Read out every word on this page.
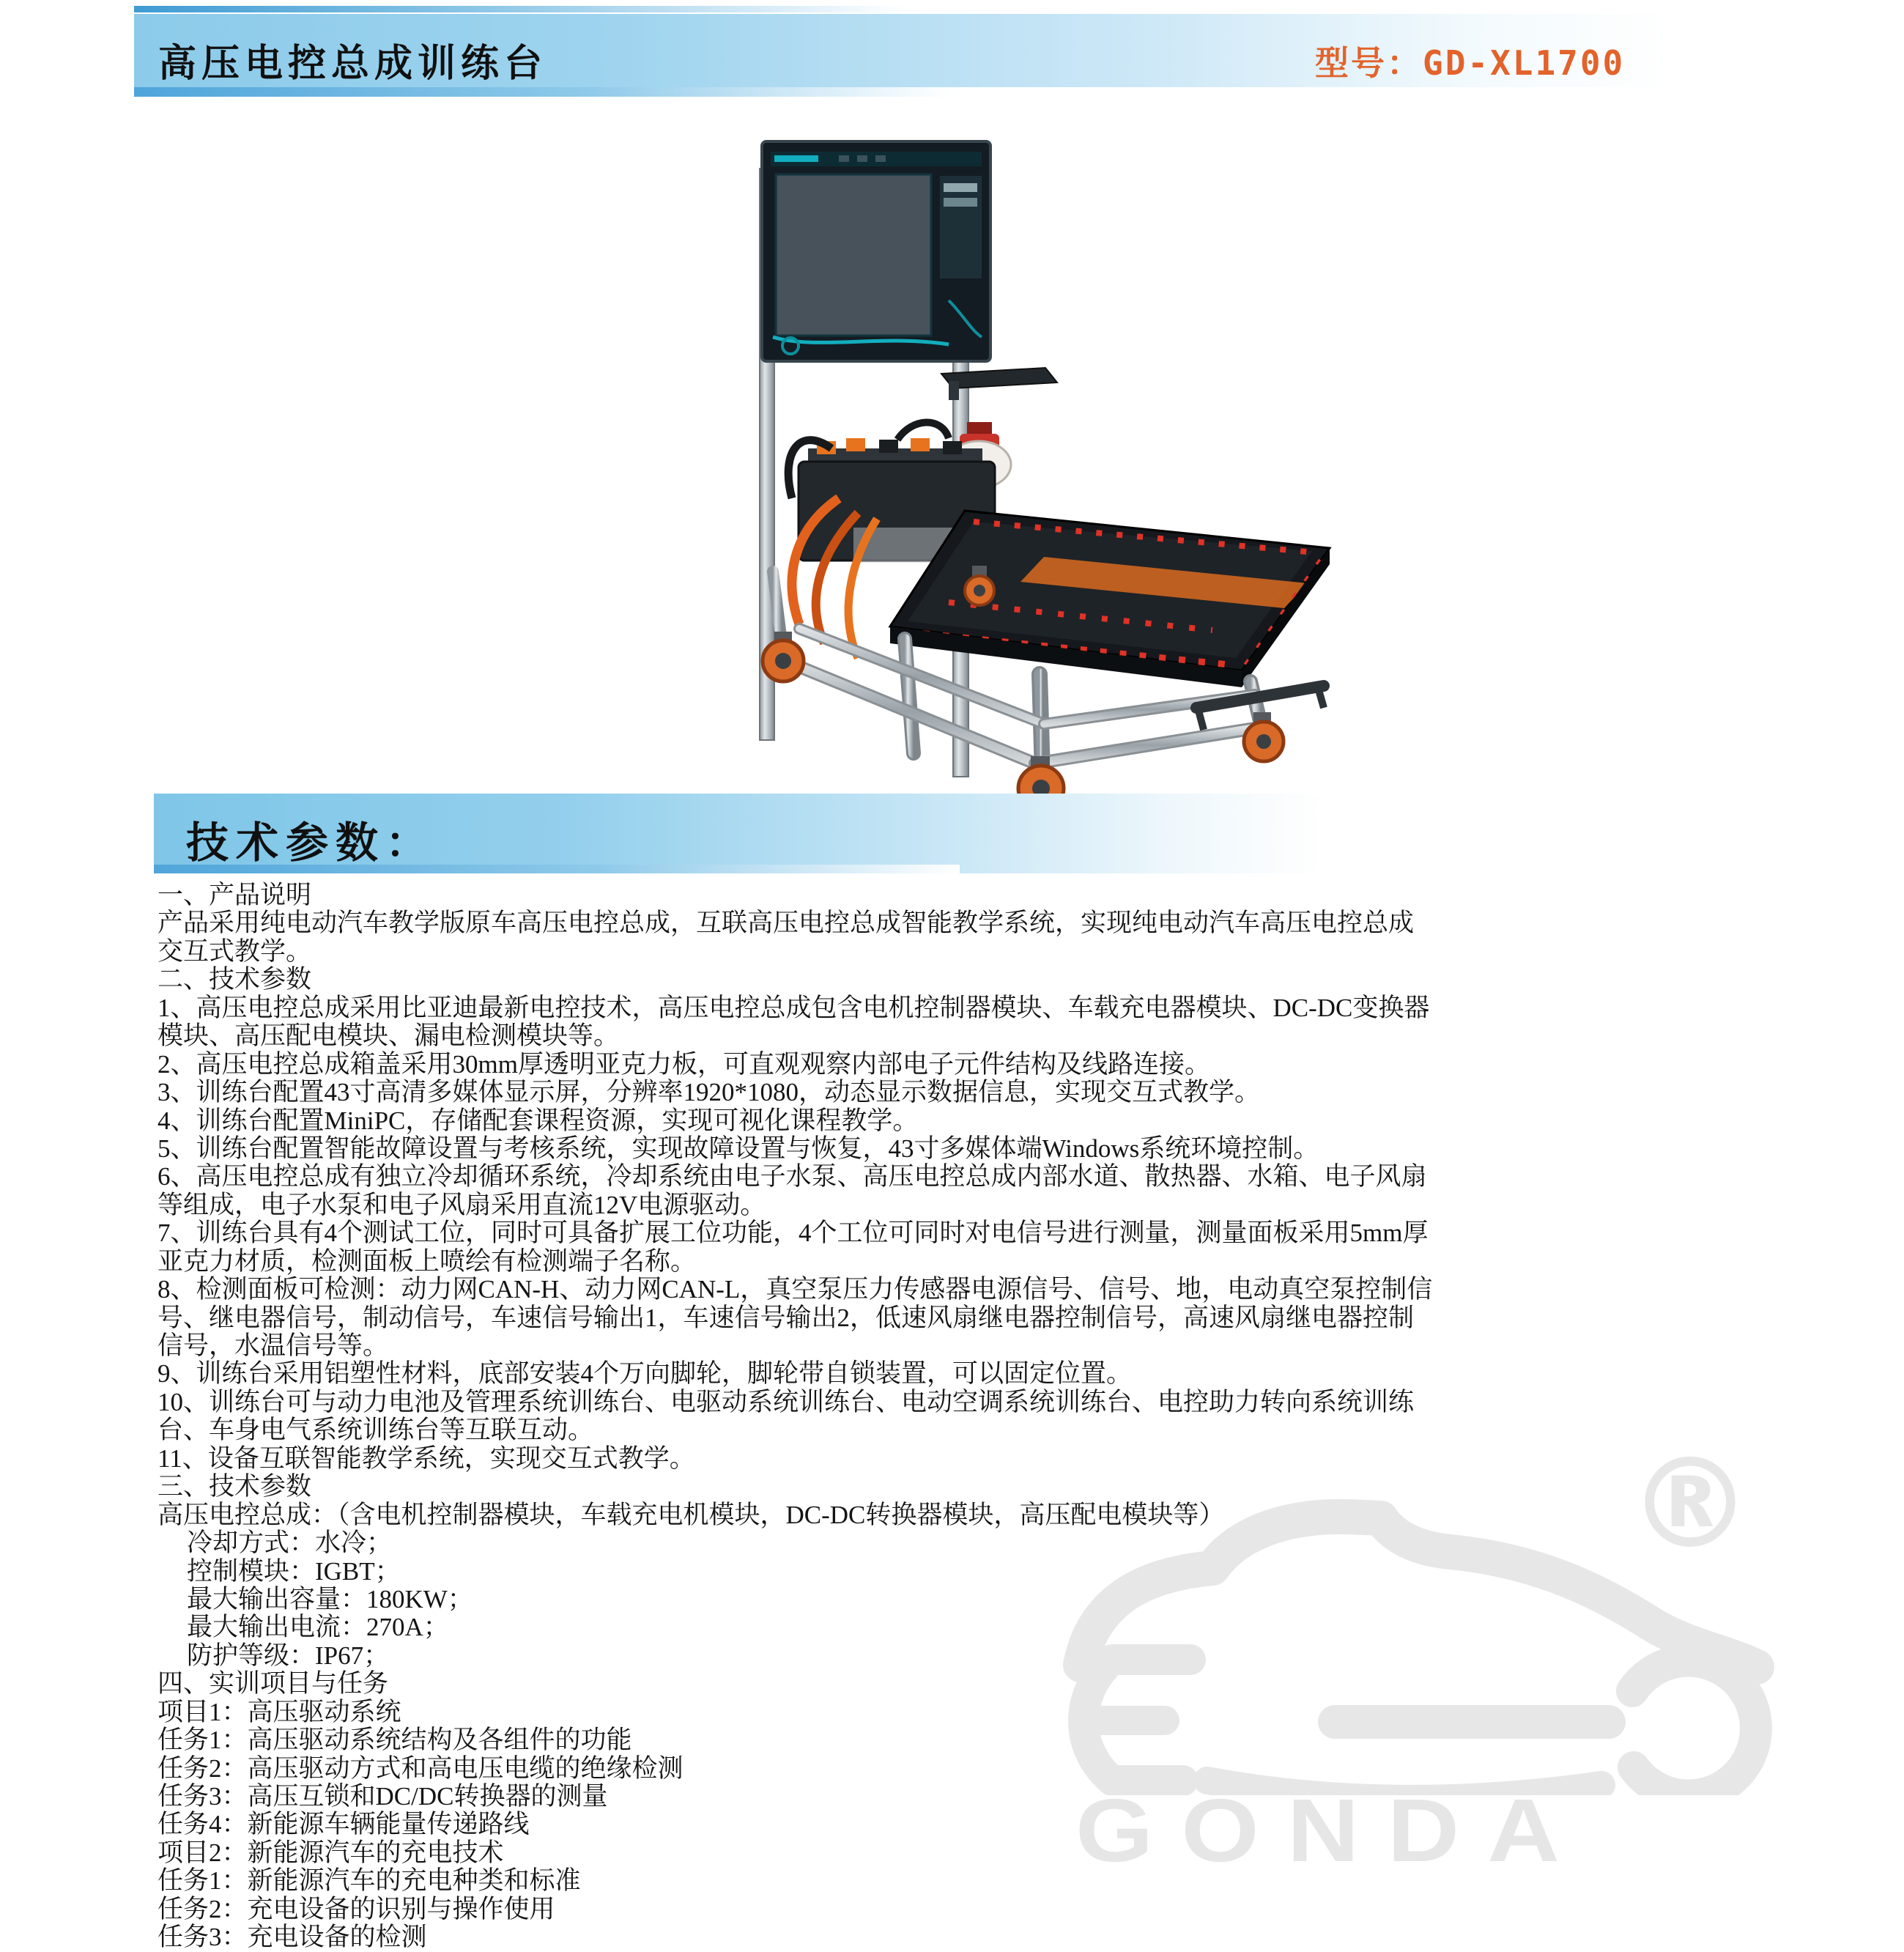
高压电控总成训练台	型号：GD-XL1700
®
GONDA
技术参数：
一、产品说明
产品采用纯电动汽车教学版原车高压电控总成，互联高压电控总成智能教学系统，实现纯电动汽车高压电控总成
交互式教学。
二、技术参数
1、高压电控总成采用比亚迪最新电控技术，高压电控总成包含电机控制器模块、车载充电器模块、DC-DC变换器
模块、高压配电模块、漏电检测模块等。
2、高压电控总成箱盖采用30mm厚透明亚克力板，可直观观察内部电子元件结构及线路连接。
3、训练台配置43寸高清多媒体显示屏，分辨率1920*1080，动态显示数据信息，实现交互式教学。
4、训练台配置MiniPC，存储配套课程资源，实现可视化课程教学。
5、训练台配置智能故障设置与考核系统，实现故障设置与恢复，43寸多媒体端Windows系统环境控制。
6、高压电控总成有独立冷却循环系统，冷却系统由电子水泵、高压电控总成内部水道、散热器、水箱、电子风扇
等组成，电子水泵和电子风扇采用直流12V电源驱动。
7、训练台具有4个测试工位，同时可具备扩展工位功能，4个工位可同时对电信号进行测量，测量面板采用5mm厚
亚克力材质，检测面板上喷绘有检测端子名称。
8、检测面板可检测：动力网CAN-H、动力网CAN-L，真空泵压力传感器电源信号、信号、地，电动真空泵控制信
号、继电器信号，制动信号，车速信号输出1，车速信号输出2，低速风扇继电器控制信号，高速风扇继电器控制
信号，水温信号等。
9、训练台采用铝塑性材料，底部安装4个万向脚轮，脚轮带自锁装置，可以固定位置。
10、训练台可与动力电池及管理系统训练台、电驱动系统训练台、电动空调系统训练台、电控助力转向系统训练
台、车身电气系统训练台等互联互动。
11、设备互联智能教学系统，实现交互式教学。
三、技术参数
高压电控总成：（含电机控制器模块，车载充电机模块，DC-DC转换器模块，高压配电模块等）
冷却方式：水冷；
控制模块：IGBT；
最大输出容量：180KW；
最大输出电流：270A；
防护等级：IP67；
四、实训项目与任务
项目1：高压驱动系统
任务1：高压驱动系统结构及各组件的功能
任务2：高压驱动方式和高电压电缆的绝缘检测
任务3：高压互锁和DC/DC转换器的测量
任务4：新能源车辆能量传递路线
项目2：新能源汽车的充电技术
任务1：新能源汽车的充电种类和标准
任务2：充电设备的识别与操作使用
任务3：充电设备的检测
